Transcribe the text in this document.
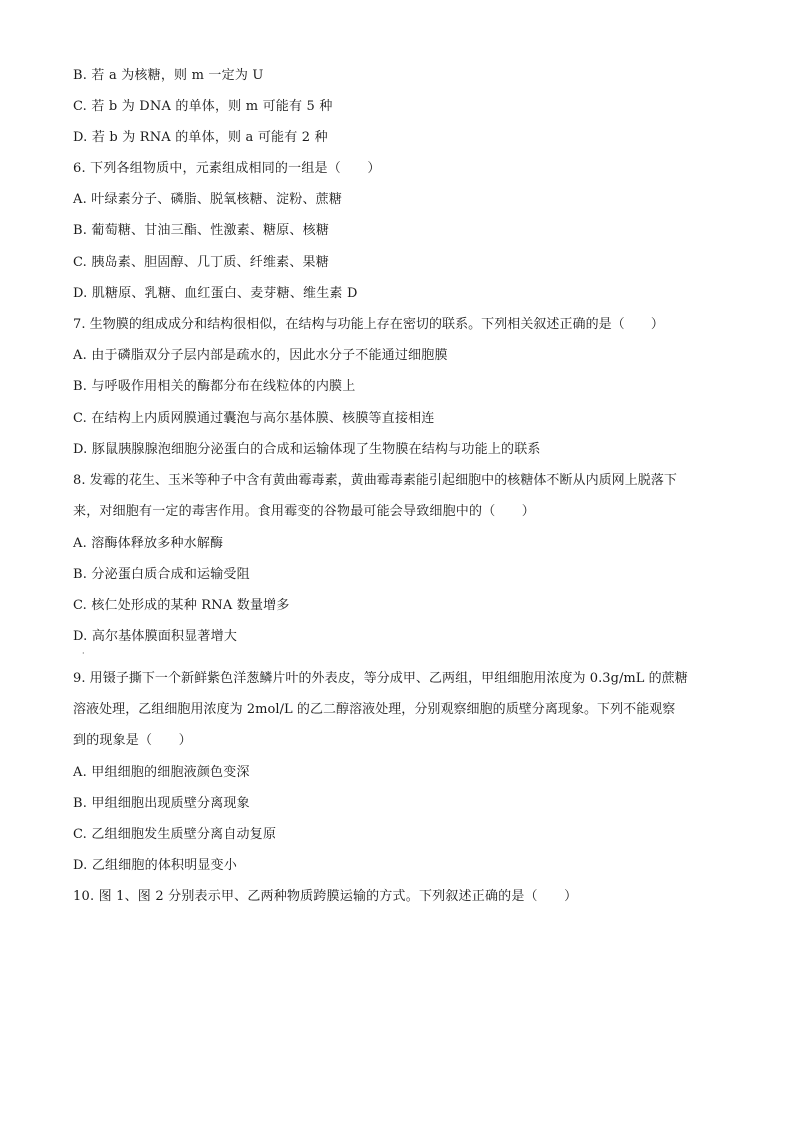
B. 若 a 为核糖，则 m 一定为 U
C. 若 b 为 DNA 的单体，则 m 可能有 5 种
D. 若 b 为 RNA 的单体，则 a 可能有 2 种
6. 下列各组物质中，元素组成相同的一组是（　　）
A. 叶绿素分子、磷脂、脱氧核糖、淀粉、蔗糖
B. 葡萄糖、甘油三酯、性激素、糖原、核糖
C. 胰岛素、胆固醇、几丁质、纤维素、果糖
D. 肌糖原、乳糖、血红蛋白、麦芽糖、维生素 D
7. 生物膜的组成成分和结构很相似，在结构与功能上存在密切的联系。下列相关叙述正确的是（　　）
A. 由于磷脂双分子层内部是疏水的，因此水分子不能通过细胞膜
B. 与呼吸作用相关的酶都分布在线粒体的内膜上
C. 在结构上内质网膜通过囊泡与高尔基体膜、核膜等直接相连
D. 豚鼠胰腺腺泡细胞分泌蛋白的合成和运输体现了生物膜在结构与功能上的联系
8. 发霉的花生、玉米等种子中含有黄曲霉毒素，黄曲霉毒素能引起细胞中的核糖体不断从内质网上脱落下
来，对细胞有一定的毒害作用。食用霉变的谷物最可能会导致细胞中的（　　）
A. 溶酶体释放多种水解酶
B. 分泌蛋白质合成和运输受阻
C. 核仁处形成的某种 RNA 数量增多
D. 高尔基体膜面积显著增大
·
9. 用镊子撕下一个新鲜紫色洋葱鳞片叶的外表皮，等分成甲、乙两组，甲组细胞用浓度为 0.3g/mL 的蔗糖
溶液处理，乙组细胞用浓度为 2mol/L 的乙二醇溶液处理，分别观察细胞的质壁分离现象。下列不能观察
到的现象是（　　）
A. 甲组细胞的细胞液颜色变深
B. 甲组细胞出现质壁分离现象
C. 乙组细胞发生质壁分离自动复原
D. 乙组细胞的体积明显变小
10. 图 1、图 2 分别表示甲、乙两种物质跨膜运输的方式。下列叙述正确的是（　　）
